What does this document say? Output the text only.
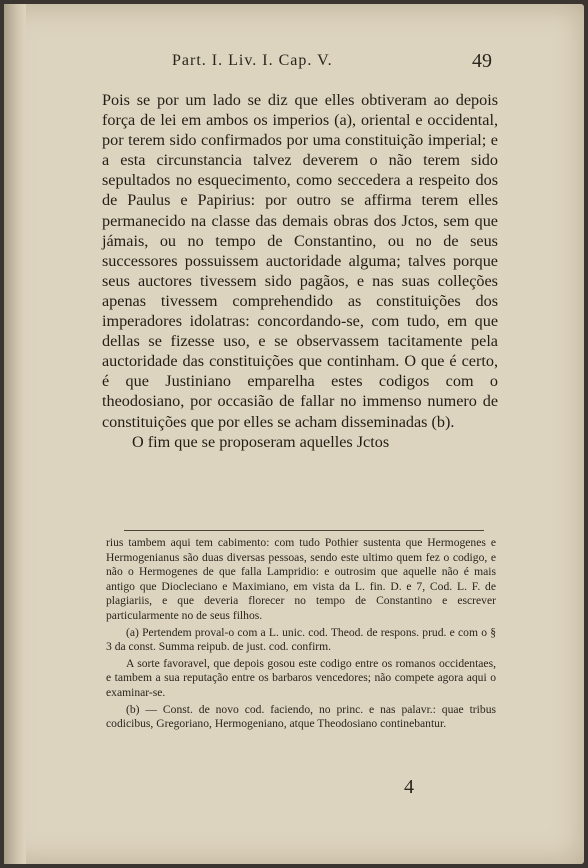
Part. I. Liv. I. Cap. V.	49

Pois se por um lado se diz que elles obtiveram ao depois força de lei em ambos os imperios (a), oriental e occidental, por terem sido confirmados por uma constituição imperial; e a esta circunstancia talvez deverem o não terem sido sepultados no esquecimento, como seccedera a respeito dos de Paulus e Papirius: por outro se affirma terem elles permanecido na classe das demais obras dos Jctos, sem que jámais, ou no tempo de Constantino, ou no de seus successores possuissem auctoridade alguma; talves porque seus auctores tivessem sido pagãos, e nas suas colleções apenas tivessem comprehendido as constituições dos imperadores idolatras: concordando-se, com tudo, em que dellas se fizesse uso, e se observassem tacitamente pela auctoridade das constituições que continham. O que é certo, é que Justiniano emparelha estes codigos com o theodosiano, por occasião de fallar no immenso numero de constituições que por elles se acham disseminadas (b).

O fim que se proposeram aquelles Jctos

rius tambem aqui tem cabimento: com tudo Pothier sustenta que Hermogenes e Hermogenianus são duas diversas pessoas, sendo este ultimo quem fez o codigo, e não o Hermogenes de que falla Lampridio: e outrosim que aquelle não é mais antigo que Diocleciano e Maximiano, em vista da L. fin. D. e 7, Cod. L. F. de plagiariis, e que deveria florecer no tempo de Constantino e escrever particularmente no de seus filhos.

(a) Pertendem proval-o com a L. unic. cod. Theod. de respons. prud. e com o § 3 da const. Summa reipub. de just. cod. confirm.

A sorte favoravel, que depois gosou este codigo entre os romanos occidentaes, e tambem a sua reputação entre os barbaros vencedores; não compete agora aqui o examinar-se.

(b) — Const. de novo cod. faciendo, no princ. e nas palavr.: quae tribus codicibus, Gregoriano, Hermogeniano, atque Theodosiano continebantur.

4
